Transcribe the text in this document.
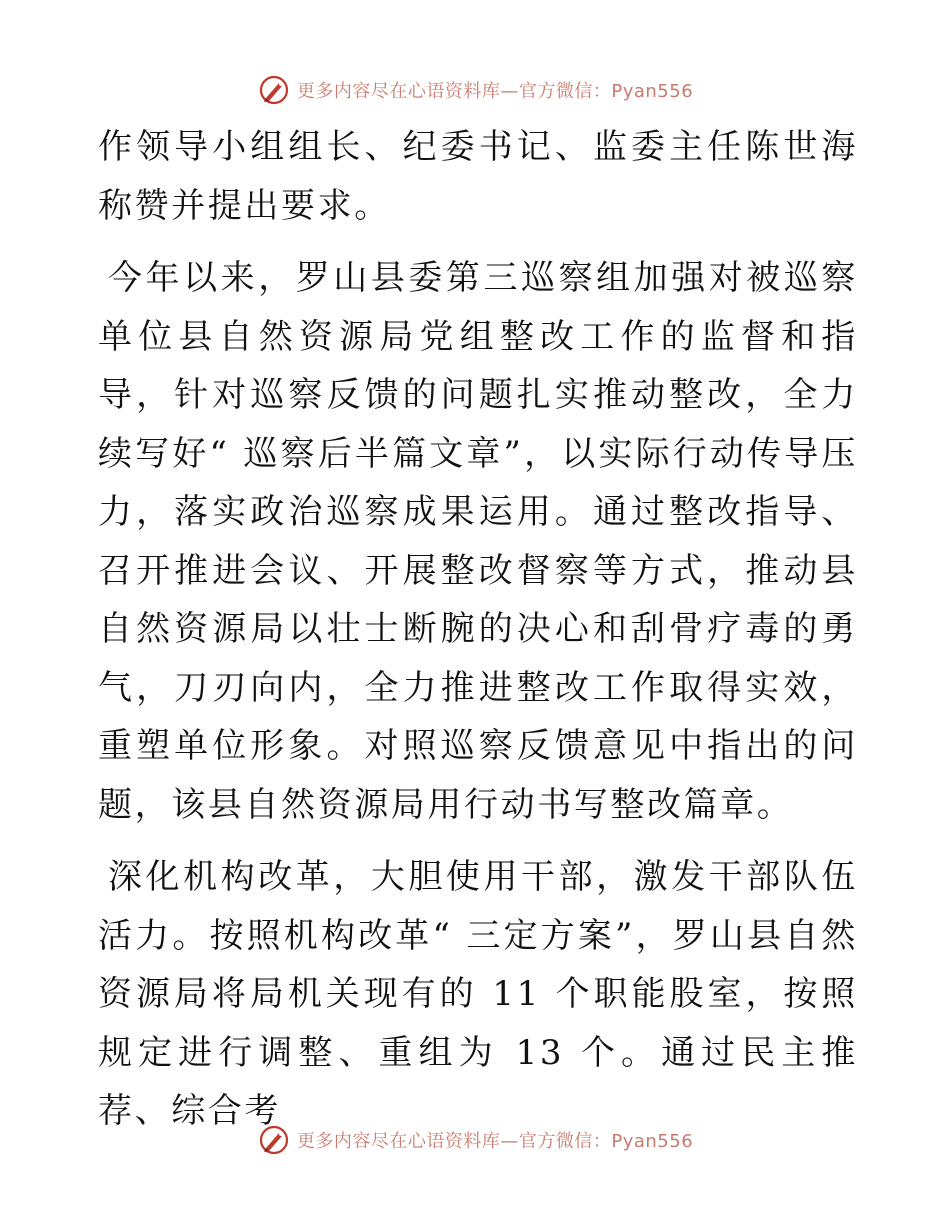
更多内容尽在心语资料库—官方微信：Pyan556

作领导小组组长、纪委书记、监委主任陈世海称赞并提出要求。

今年以来，罗山县委第三巡察组加强对被巡察单位县自然资源局党组整改工作的监督和指导，针对巡察反馈的问题扎实推动整改，全力续写好“ 巡察后半篇文章”，以实际行动传导压力，落实政治巡察成果运用。通过整改指导、召开推进会议、开展整改督察等方式，推动县自然资源局以壮士断腕的决心和刮骨疗毒的勇气，刀刃向内，全力推进整改工作取得实效，重塑单位形象。对照巡察反馈意见中指出的问题，该县自然资源局用行动书写整改篇章。

深化机构改革，大胆使用干部，激发干部队伍活力。按照机构改革“ 三定方案”，罗山县自然资源局将局机关现有的 11 个职能股室，按照规定进行调整、重组为 13 个。通过民主推荐、综合考

更多内容尽在心语资料库—官方微信：Pyan556
